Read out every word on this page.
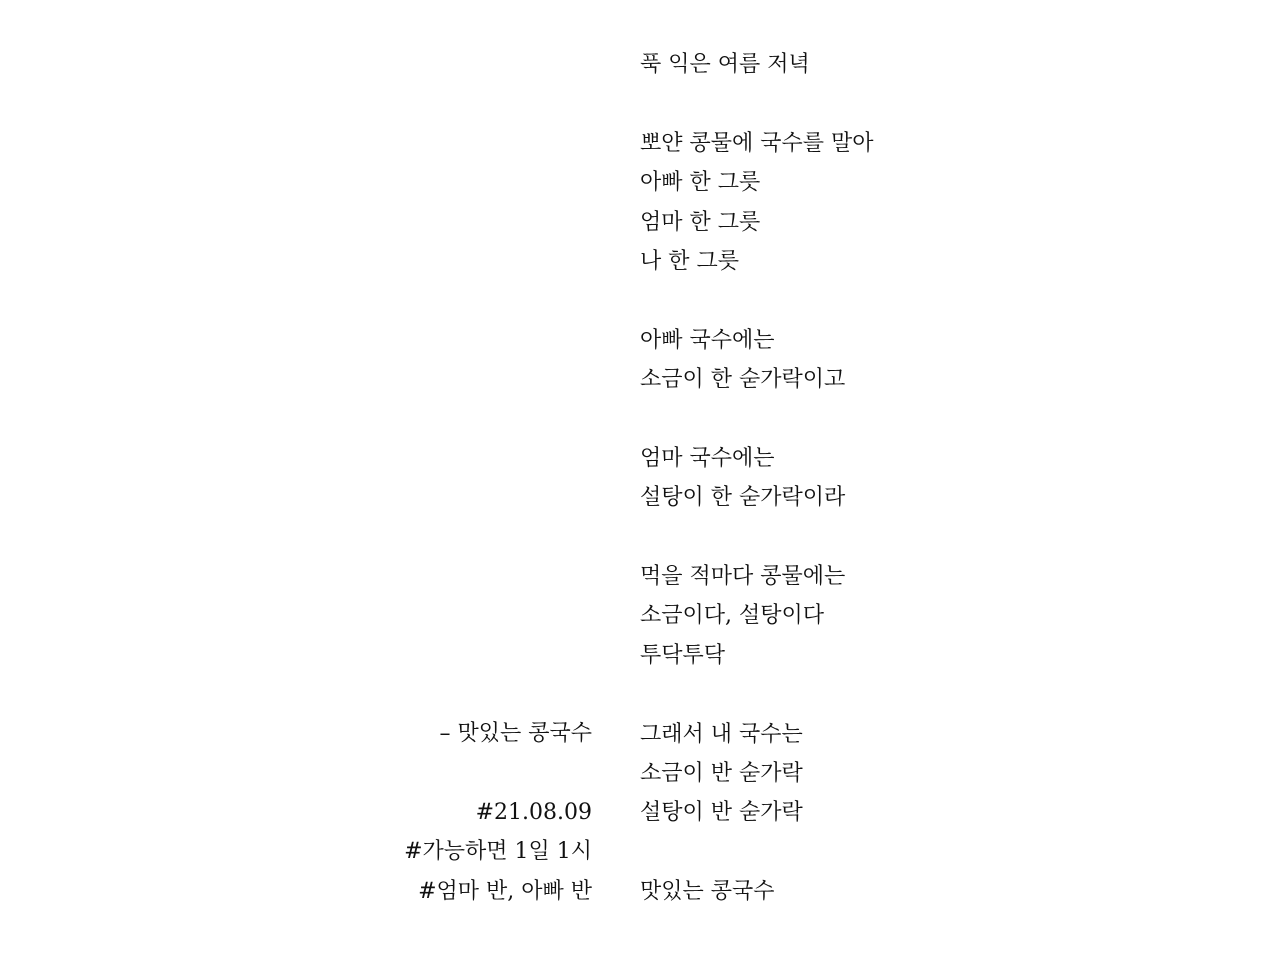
푹 익은 여름 저녁
뽀얀 콩물에 국수를 말아
아빠 한 그릇
엄마 한 그릇
나 한 그릇
아빠 국수에는
소금이 한 숟가락이고
엄마 국수에는
설탕이 한 숟가락이라
먹을 적마다 콩물에는
소금이다, 설탕이다
투닥투닥
그래서 내 국수는
소금이 반 숟가락
설탕이 반 숟가락
맛있는 콩국수
– 맛있는 콩국수
#21.08.09
#가능하면 1일 1시
#엄마 반, 아빠 반
